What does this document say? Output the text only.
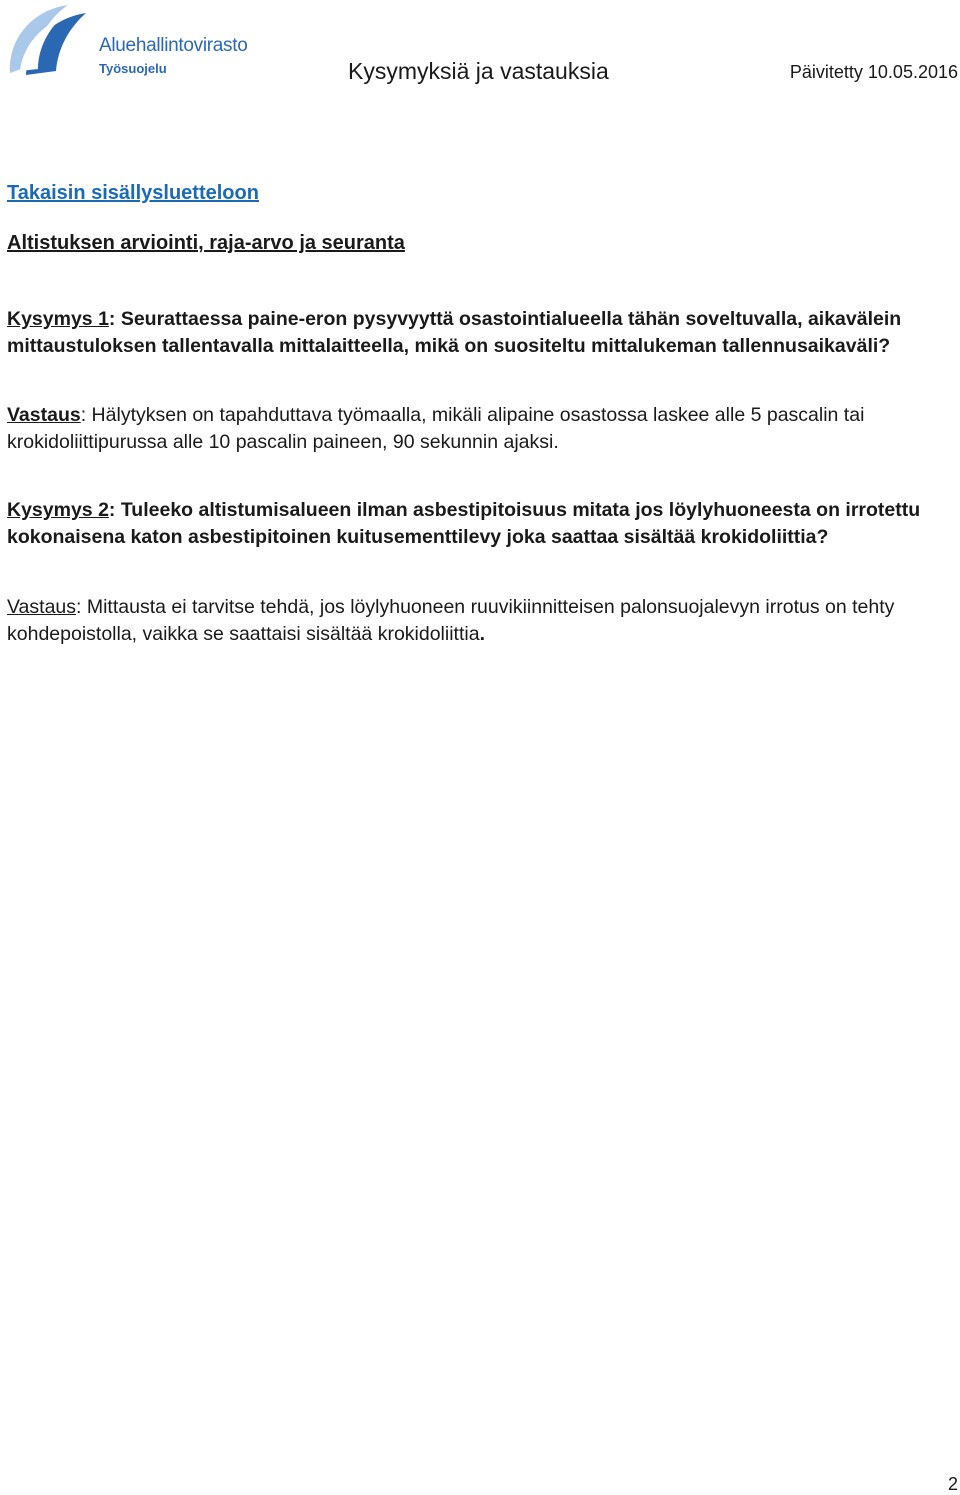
Aluehallintovirasto
Työsuojelu	Kysymyksiä ja vastauksia	Päivitetty 10.05.2016
Takaisin sisällysluetteloon
Altistuksen arviointi, raja-arvo ja seuranta

Kysymys 1: Seurattaessa paine-eron pysyvyyttä osastointialueella tähän soveltuvalla, aikavälein mittaustuloksen tallentavalla mittalaitteella, mikä on suositeltu mittalukeman tallennusaikaväli?

Vastaus: Hälytyksen on tapahduttava työmaalla, mikäli alipaine osastossa laskee alle 5 pascalin tai krokidoliittipurussa alle 10 pascalin paineen, 90 sekunnin ajaksi.

Kysymys 2: Tuleeko altistumisalueen ilman asbestipitoisuus mitata jos löylyhuoneesta on irrotettu kokonaisena katon asbestipitoinen kuitusementtilevy joka saattaa sisältää krokidoliittia?

Vastaus: Mittausta ei tarvitse tehdä, jos löylyhuoneen ruuvikiinnitteisen palonsuojalevyn irrotus on tehty kohdepoistolla, vaikka se saattaisi sisältää krokidoliittia.

2
